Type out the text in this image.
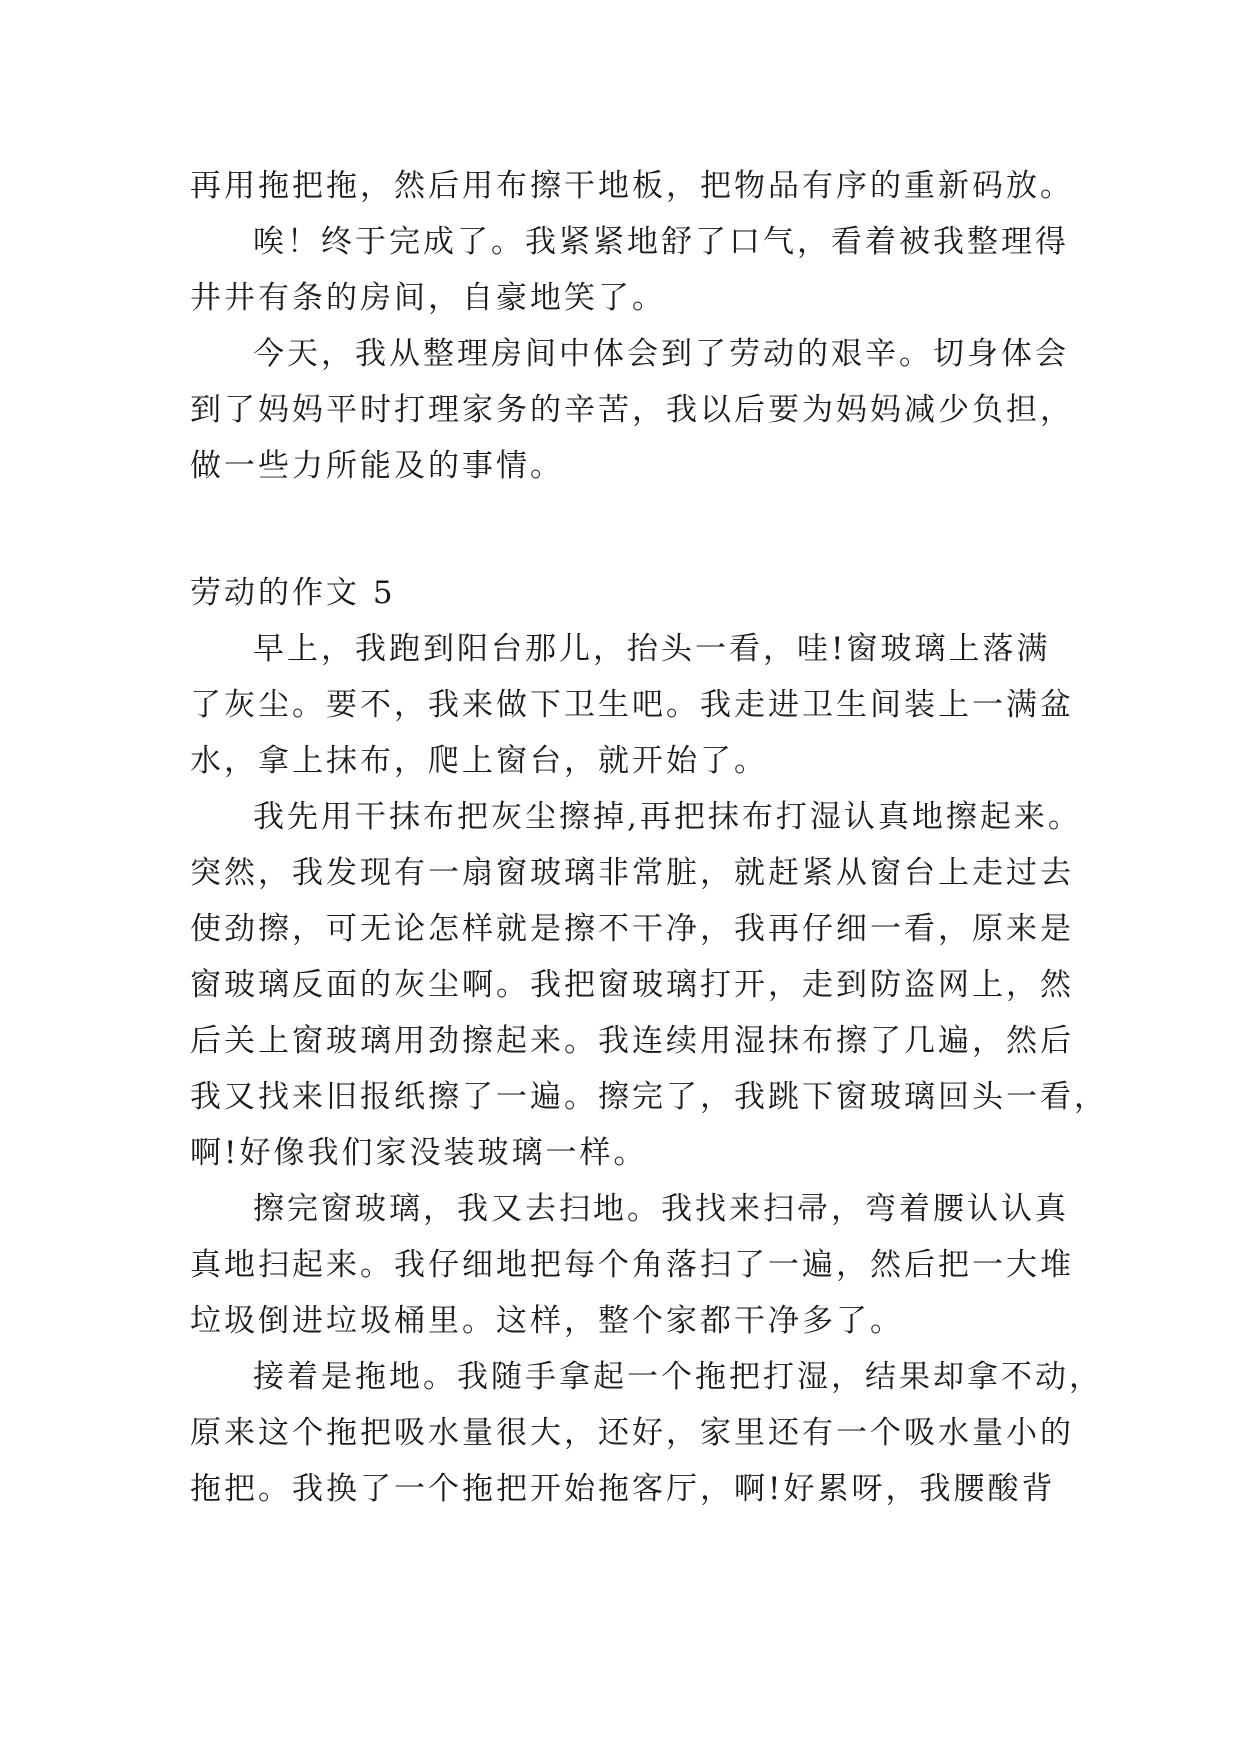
再用拖把拖，然后用布擦干地板，把物品有序的重新码放。
唉！终于完成了。我紧紧地舒了口气，看着被我整理得
井井有条的房间，自豪地笑了。
今天，我从整理房间中体会到了劳动的艰辛。切身体会
到了妈妈平时打理家务的辛苦，我以后要为妈妈减少负担，
做一些力所能及的事情。
劳动的作文 5
早上，我跑到阳台那儿，抬头一看，哇!窗玻璃上落满
了灰尘。要不，我来做下卫生吧。我走进卫生间装上一满盆
水，拿上抹布，爬上窗台，就开始了。
我先用干抹布把灰尘擦掉,再把抹布打湿认真地擦起来。
突然，我发现有一扇窗玻璃非常脏，就赶紧从窗台上走过去
使劲擦，可无论怎样就是擦不干净，我再仔细一看，原来是
窗玻璃反面的灰尘啊。我把窗玻璃打开，走到防盗网上，然
后关上窗玻璃用劲擦起来。我连续用湿抹布擦了几遍，然后
我又找来旧报纸擦了一遍。擦完了，我跳下窗玻璃回头一看，
啊!好像我们家没装玻璃一样。
擦完窗玻璃，我又去扫地。我找来扫帚，弯着腰认认真
真地扫起来。我仔细地把每个角落扫了一遍，然后把一大堆
垃圾倒进垃圾桶里。这样，整个家都干净多了。
接着是拖地。我随手拿起一个拖把打湿，结果却拿不动，
原来这个拖把吸水量很大，还好，家里还有一个吸水量小的
拖把。我换了一个拖把开始拖客厅，啊!好累呀，我腰酸背
